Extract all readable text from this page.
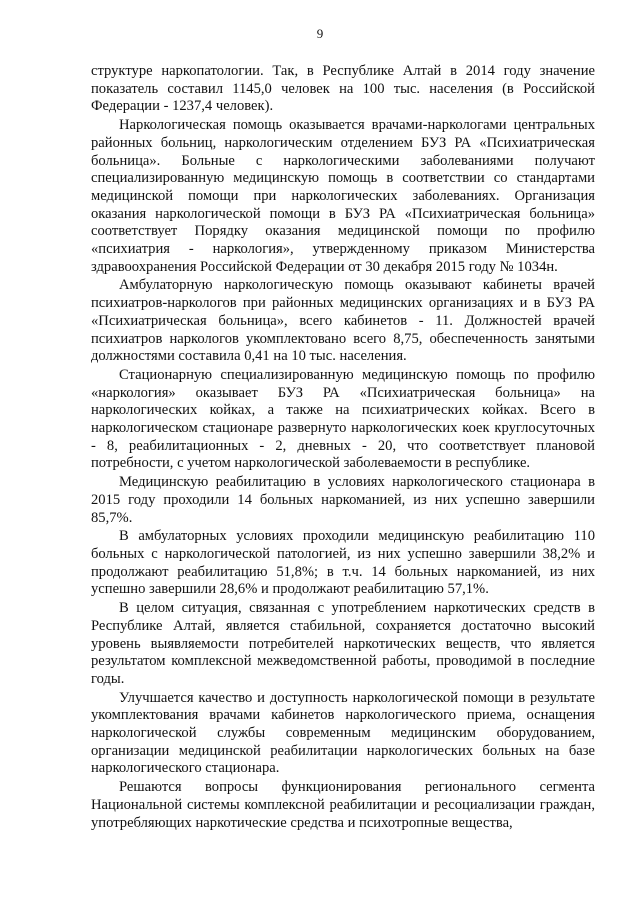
9

структуре наркопатологии. Так, в Республике Алтай в 2014 году значение показатель составил 1145,0 человек на 100 тыс. населения (в Российской Федерации - 1237,4 человек).

Наркологическая помощь оказывается врачами-наркологами центральных районных больниц, наркологическим отделением БУЗ РА «Психиатрическая больница». Больные с наркологическими заболеваниями получают специализированную медицинскую помощь в соответствии со стандартами медицинской помощи при наркологических заболеваниях. Организация оказания наркологической помощи в БУЗ РА «Психиатрическая больница» соответствует Порядку оказания медицинской помощи по профилю «психиатрия - наркология», утвержденному приказом Министерства здравоохранения Российской Федерации от 30 декабря 2015 году № 1034н.

Амбулаторную наркологическую помощь оказывают кабинеты врачей психиатров-наркологов при районных медицинских организациях и в БУЗ РА «Психиатрическая больница», всего кабинетов - 11. Должностей врачей психиатров наркологов укомплектовано всего 8,75, обеспеченность занятыми должностями составила 0,41 на 10 тыс. населения.

Стационарную специализированную медицинскую помощь по профилю «наркология» оказывает БУЗ РА «Психиатрическая больница» на наркологических койках, а также на психиатрических койках. Всего в наркологическом стационаре развернуто наркологических коек круглосуточных - 8, реабилитационных - 2, дневных - 20, что соответствует плановой потребности, с учетом наркологической заболеваемости в республике.

Медицинскую реабилитацию в условиях наркологического стационара в 2015 году проходили 14 больных наркоманией, из них успешно завершили 85,7%.

В амбулаторных условиях проходили медицинскую реабилитацию 110 больных с наркологической патологией, из них успешно завершили 38,2% и продолжают реабилитацию 51,8%; в т.ч. 14 больных наркоманией, из них успешно завершили 28,6% и продолжают реабилитацию 57,1%.

В целом ситуация, связанная с употреблением наркотических средств в Республике Алтай, является стабильной, сохраняется достаточно высокий уровень выявляемости потребителей наркотических веществ, что является результатом комплексной межведомственной работы, проводимой в последние годы.

Улучшается качество и доступность наркологической помощи в результате укомплектования врачами кабинетов наркологического приема, оснащения наркологической службы современным медицинским оборудованием, организации медицинской реабилитации наркологических больных на базе наркологического стационара.

Решаются вопросы функционирования регионального сегмента Национальной системы комплексной реабилитации и ресоциализации граждан, употребляющих наркотические средства и психотропные вещества,
